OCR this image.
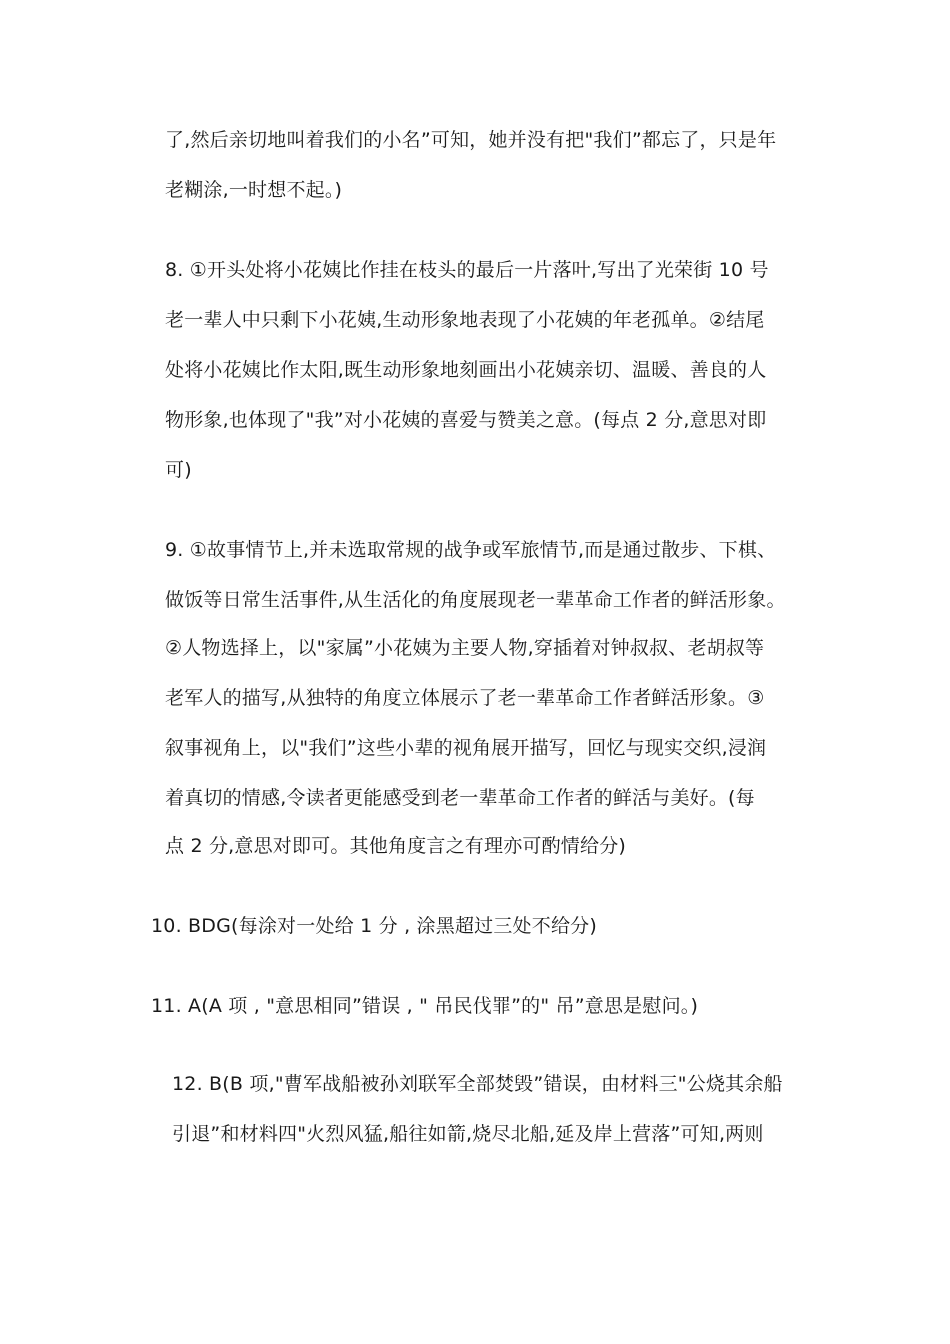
了,然后亲切地叫着我们的小名”可知，她并没有把"我们”都忘了，只是年
老糊涂,一时想不起。)
8. ①开头处将小花姨比作挂在枝头的最后一片落叶,写出了光荣街 10 号
老一辈人中只剩下小花姨,生动形象地表现了小花姨的年老孤单。②结尾
处将小花姨比作太阳,既生动形象地刻画出小花姨亲切、温暖、善良的人
物形象,也体现了"我”对小花姨的喜爱与赞美之意。(每点 2 分,意思对即
可)
9. ①故事情节上,并未选取常规的战争或军旅情节,而是通过散步、下棋、
做饭等日常生活事件,从生活化的角度展现老一辈革命工作者的鲜活形象。
②人物选择上，以"家属”小花姨为主要人物,穿插着对钟叔叔、老胡叔等
老军人的描写,从独特的角度立体展示了老一辈革命工作者鲜活形象。③
叙事视角上，以"我们”这些小辈的视角展开描写，回忆与现实交织,浸润
着真切的情感,令读者更能感受到老一辈革命工作者的鲜活与美好。(每
点 2 分,意思对即可。其他角度言之有理亦可酌情给分)
10. BDG(每涂对一处给 1 分 , 涂黑超过三处不给分)
11. A(A 项 , "意思相同”错误 , " 吊民伐罪”的" 吊”意思是慰问。)
12. B(B 项,"曹军战船被孙刘联军全部焚毁”错误，由材料三"公烧其余船
引退”和材料四"火烈风猛,船往如箭,烧尽北船,延及岸上营落”可知,两则
